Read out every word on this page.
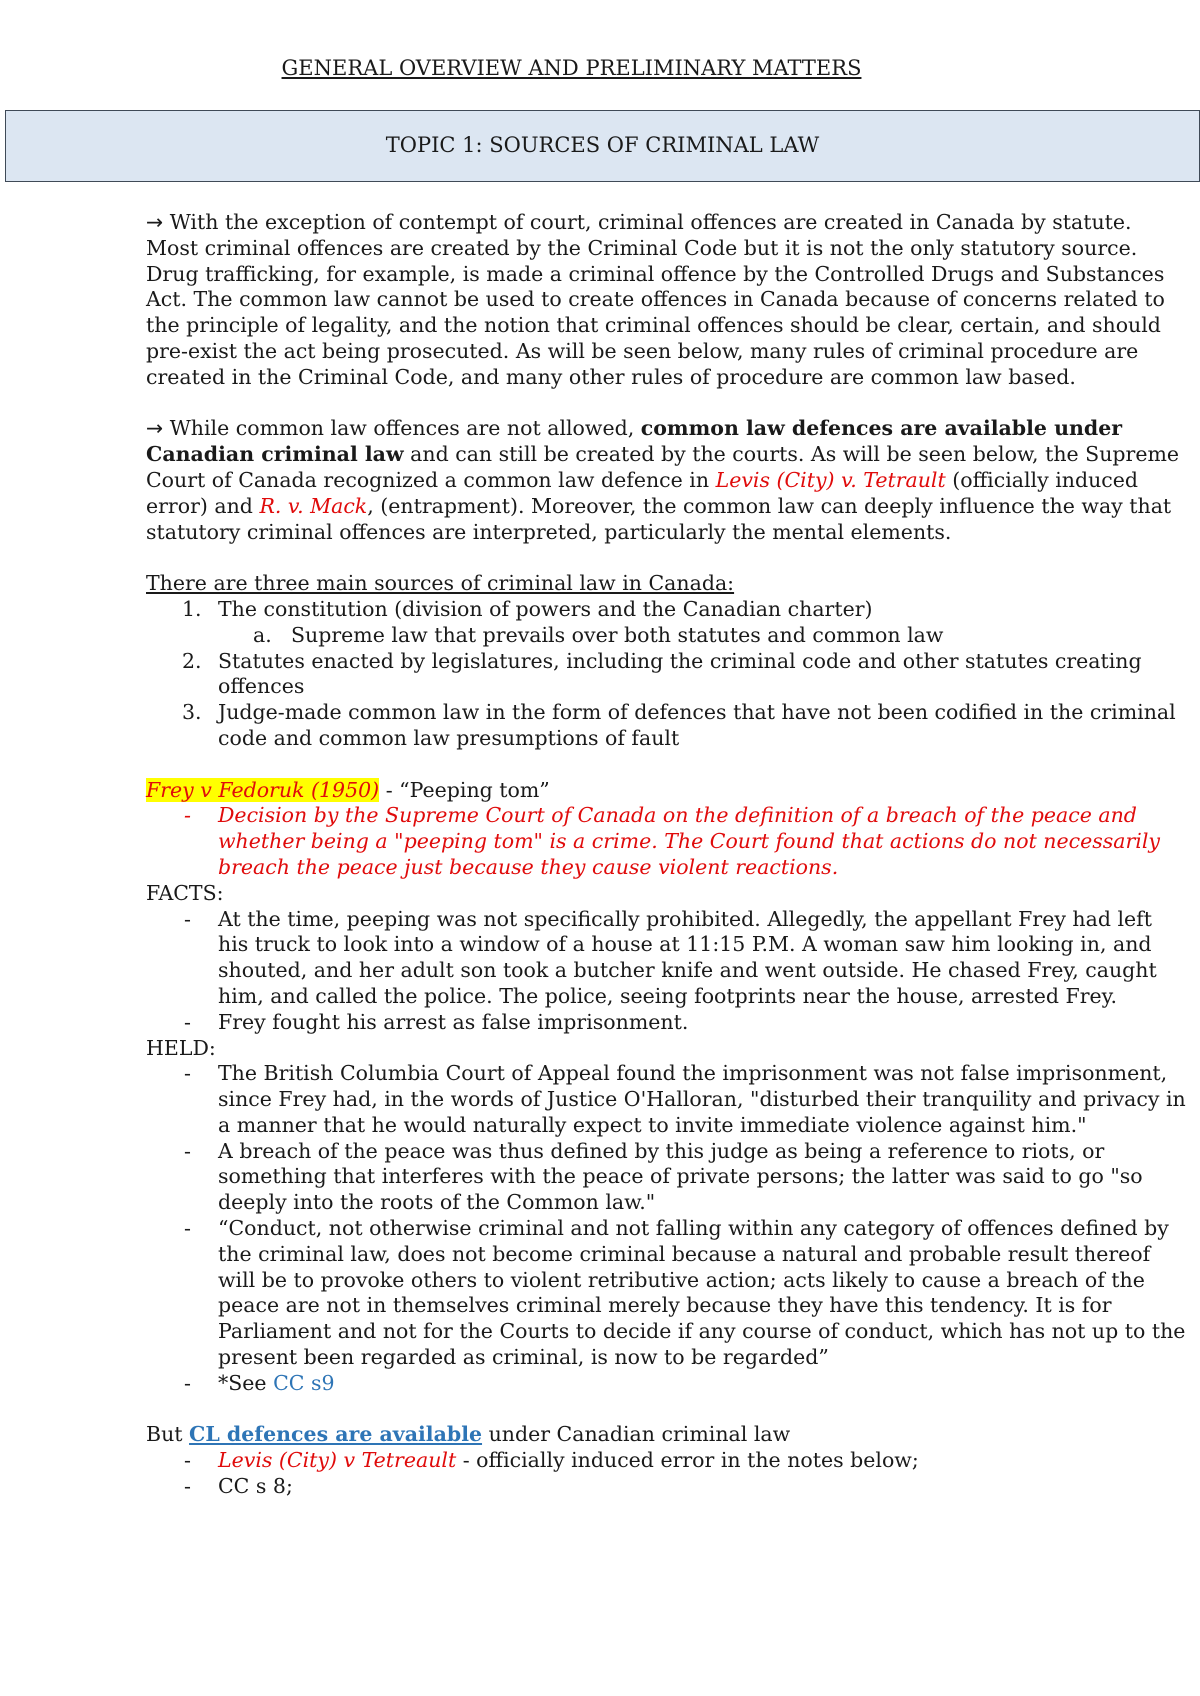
GENERAL OVERVIEW AND PRELIMINARY MATTERS
TOPIC 1: SOURCES OF CRIMINAL LAW

→ With the exception of contempt of court, criminal offences are created in Canada by statute. Most criminal offences are created by the Criminal Code but it is not the only statutory source. Drug trafficking, for example, is made a criminal offence by the Controlled Drugs and Substances Act. The common law cannot be used to create offences in Canada because of concerns related to the principle of legality, and the notion that criminal offences should be clear, certain, and should pre-exist the act being prosecuted. As will be seen below, many rules of criminal procedure are created in the Criminal Code, and many other rules of procedure are common law based.

→ While common law offences are not allowed, common law defences are available under Canadian criminal law and can still be created by the courts. As will be seen below, the Supreme Court of Canada recognized a common law defence in Levis (City) v. Tetrault (officially induced error) and R. v. Mack, (entrapment). Moreover, the common law can deeply influence the way that statutory criminal offences are interpreted, particularly the mental elements.

There are three main sources of criminal law in Canada:

1. The constitution (division of powers and the Canadian charter)
a. Supreme law that prevails over both statutes and common law
2. Statutes enacted by legislatures, including the criminal code and other statutes creating offences
3. Judge-made common law in the form of defences that have not been codified in the criminal code and common law presumptions of fault

Frey v Fedoruk (1950) - “Peeping tom”

- Decision by the Supreme Court of Canada on the definition of a breach of the peace and whether being a "peeping tom" is a crime. The Court found that actions do not necessarily breach the peace just because they cause violent reactions.

FACTS:

- At the time, peeping was not specifically prohibited. Allegedly, the appellant Frey had left his truck to look into a window of a house at 11:15 P.M. A woman saw him looking in, and shouted, and her adult son took a butcher knife and went outside. He chased Frey, caught him, and called the police. The police, seeing footprints near the house, arrested Frey.
- Frey fought his arrest as false imprisonment.

HELD:

- The British Columbia Court of Appeal found the imprisonment was not false imprisonment, since Frey had, in the words of Justice O'Halloran, "disturbed their tranquility and privacy in a manner that he would naturally expect to invite immediate violence against him."
- A breach of the peace was thus defined by this judge as being a reference to riots, or something that interferes with the peace of private persons; the latter was said to go "so deeply into the roots of the Common law."
- “Conduct, not otherwise criminal and not falling within any category of offences defined by the criminal law, does not become criminal because a natural and probable result thereof will be to provoke others to violent retributive action; acts likely to cause a breach of the peace are not in themselves criminal merely because they have this tendency. It is for Parliament and not for the Courts to decide if any course of conduct, which has not up to the present been regarded as criminal, is now to be regarded”
- *See CC s9

But CL defences are available under Canadian criminal law

- Levis (City) v Tetreault - officially induced error in the notes below;
- CC s 8;
